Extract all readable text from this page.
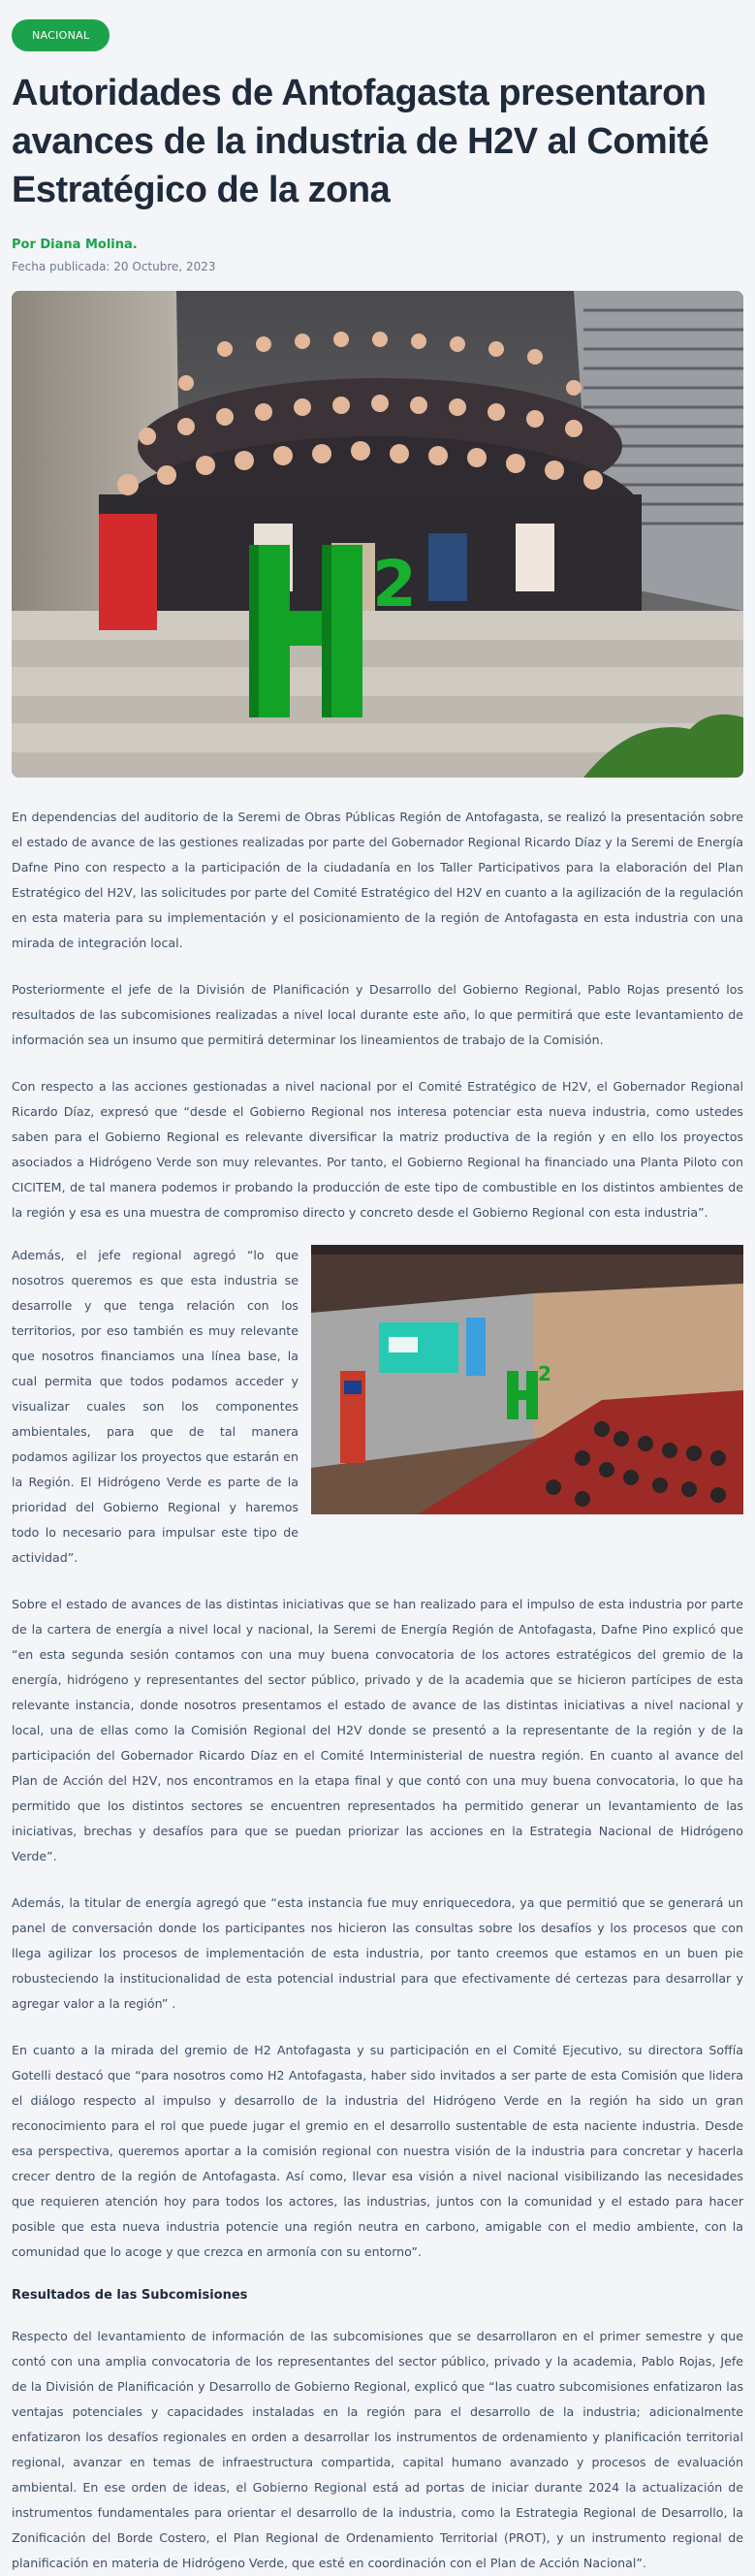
NACIONAL
Autoridades de Antofagasta presentaron avances de la industria de H2V al Comité Estratégico de la zona
Por Diana Molina.
Fecha publicada: 20 Octubre, 2023
2

En dependencias del auditorio de la Seremi de Obras Públicas Región de Antofagasta, se realizó la presentación sobre el estado de avance de las gestiones realizadas por parte del Gobernador Regional Ricardo Díaz y la Seremi de Energía Dafne Pino con respecto a la participación de la ciudadanía en los Taller Participativos para la elaboración del Plan Estratégico del H2V, las solicitudes por parte del Comité Estratégico del H2V en cuanto a la agilización de la regulación en esta materia para su implementación y el posicionamiento de la región de Antofagasta en esta industria con una mirada de integración local.

Posteriormente el jefe de la División de Planificación y Desarrollo del Gobierno Regional, Pablo Rojas presentó los resultados de las subcomisiones realizadas a nivel local durante este año, lo que permitirá que este levantamiento de información sea un insumo que permitirá determinar los lineamientos de trabajo de la Comisión.

Con respecto a las acciones gestionadas a nivel nacional por el Comité Estratégico de H2V, el Gobernador Regional Ricardo Díaz, expresó que “desde el Gobierno Regional nos interesa potenciar esta nueva industria, como ustedes saben para el Gobierno Regional es relevante diversificar la matriz productiva de la región y en ello los proyectos asociados a Hidrógeno Verde son muy relevantes. Por tanto, el Gobierno Regional ha financiado una Planta Piloto con CICITEM, de tal manera podemos ir probando la producción de este tipo de combustible en los distintos ambientes de la región y esa es una muestra de compromiso directo y concreto desde el Gobierno Regional con esta industria”.

Además, el jefe regional agregó “lo que nosotros queremos es que esta industria se desarrolle y que tenga relación con los territorios, por eso también es muy relevante que nosotros financiamos una línea base, la cual permita que todos podamos acceder y visualizar cuales son los componentes ambientales, para que de tal manera podamos agilizar los proyectos que estarán en la Región. El Hidrógeno Verde es parte de la prioridad del Gobierno Regional y haremos todo lo necesario para impulsar este tipo de actividad”.

2

Sobre el estado de avances de las distintas iniciativas que se han realizado para el impulso de esta industria por parte de la cartera de energía a nivel local y nacional, la Seremi de Energía Región de Antofagasta, Dafne Pino explicó que “en esta segunda sesión contamos con una muy buena convocatoria de los actores estratégicos del gremio de la energía, hidrógeno y representantes del sector público, privado y de la academia que se hicieron partícipes de esta relevante instancia, donde nosotros presentamos el estado de avance de las distintas iniciativas a nivel nacional y local, una de ellas como la Comisión Regional del H2V donde se presentó a la representante de la región y de la participación del Gobernador Ricardo Díaz en el Comité Interministerial de nuestra región. En cuanto al avance del Plan de Acción del H2V, nos encontramos en la etapa final y que contó con una muy buena convocatoria, lo que ha permitido que los distintos sectores se encuentren representados ha permitido generar un levantamiento de las iniciativas, brechas y desafíos para que se puedan priorizar las acciones en la Estrategia Nacional de Hidrógeno Verde”.

Además, la titular de energía agregó que “esta instancia fue muy enriquecedora, ya que permitió que se generará un panel de conversación donde los participantes nos hicieron las consultas sobre los desafíos y los procesos que con llega agilizar los procesos de implementación de esta industria, por tanto creemos que estamos en un buen pie robusteciendo la institucionalidad de esta potencial industrial para que efectivamente dé certezas para desarrollar y agregar valor a la región” .

En cuanto a la mirada del gremio de H2 Antofagasta y su participación en el Comité Ejecutivo, su directora Soffía Gotelli destacó que “para nosotros como H2 Antofagasta, haber sido invitados a ser parte de esta Comisión que lidera el diálogo respecto al impulso y desarrollo de la industria del Hidrógeno Verde en la región ha sido un gran reconocimiento para el rol que puede jugar el gremio en el desarrollo sustentable de esta naciente industria. Desde esa perspectiva, queremos aportar a la comisión regional con nuestra visión de la industria para concretar y hacerla crecer dentro de la región de Antofagasta. Así como, llevar esa visión a nivel nacional visibilizando las necesidades que requieren atención hoy para todos los actores, las industrias, juntos con la comunidad y el estado para hacer posible que esta nueva industria potencie una región neutra en carbono, amigable con el medio ambiente, con la comunidad que lo acoge y que crezca en armonía con su entorno”.

Resultados de las Subcomisiones

Respecto del levantamiento de información de las subcomisiones que se desarrollaron en el primer semestre y que contó con una amplia convocatoria de los representantes del sector público, privado y la academia, Pablo Rojas, Jefe de la División de Planificación y Desarrollo de Gobierno Regional, explicó que “las cuatro subcomisiones enfatizaron las ventajas potenciales y capacidades instaladas en la región para el desarrollo de la industria; adicionalmente enfatizaron los desafíos regionales en orden a desarrollar los instrumentos de ordenamiento y planificación territorial regional, avanzar en temas de infraestructura compartida, capital humano avanzado y procesos de evaluación ambiental. En ese orden de ideas, el Gobierno Regional está ad portas de iniciar durante 2024 la actualización de instrumentos fundamentales para orientar el desarrollo de la industria, como la Estrategia Regional de Desarrollo, la Zonificación del Borde Costero, el Plan Regional de Ordenamiento Territorial (PROT), y un instrumento regional de planificación en materia de Hidrógeno Verde, que esté en coordinación con el Plan de Acción Nacional”.
